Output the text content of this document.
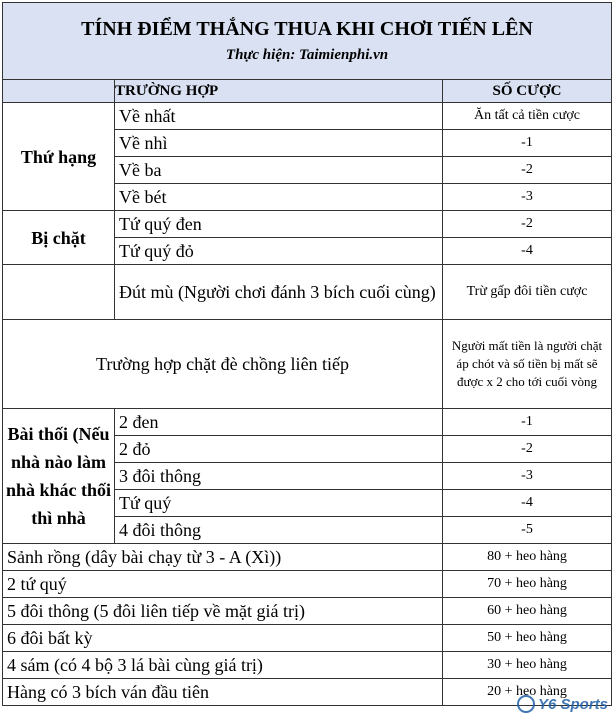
TÍNH ĐIỂM THẮNG THUA KHI CHƠI TIẾN LÊN
Thực hiện: Taimienphi.vn		

	TRƯỜNG HỢP	SỐ CƯỢC
Thứ hạng	Về nhất	Ăn tất cả tiền cược
	Về nhì	-1
	Về ba	-2
	Về bét	-3
Bị chặt	Tứ quý đen	-2
	Tứ quý đỏ	-4
	Đút mù (Người chơi đánh 3 bích cuối cùng)	Trừ gấp đôi tiền cược
Trường hợp chặt đè chồng liên tiếp		Người mất tiền là người chặt áp chót và số tiền bị mất sẽ được x 2 cho tới cuối vòng
Bài thối (Nếu nhà nào làm nhà khác thối thì nhà	2 đen	-1
	2 đỏ	-2
	3 đôi thông	-3
	Tứ quý	-4
	4 đôi thông	-5
Sảnh rồng (dây bài chạy từ 3 - A (Xì))		80 + heo hàng
2 tứ quý		70 + heo hàng
5 đôi thông (5 đôi liên tiếp về mặt giá trị)		60 + heo hàng
6 đôi bất kỳ		50 + heo hàng
4 sám (có 4 bộ 3 lá bài cùng giá trị)		30 + heo hàng
Hàng có 3 bích ván đầu tiên		20 + heo hàng
Y6 Sports
